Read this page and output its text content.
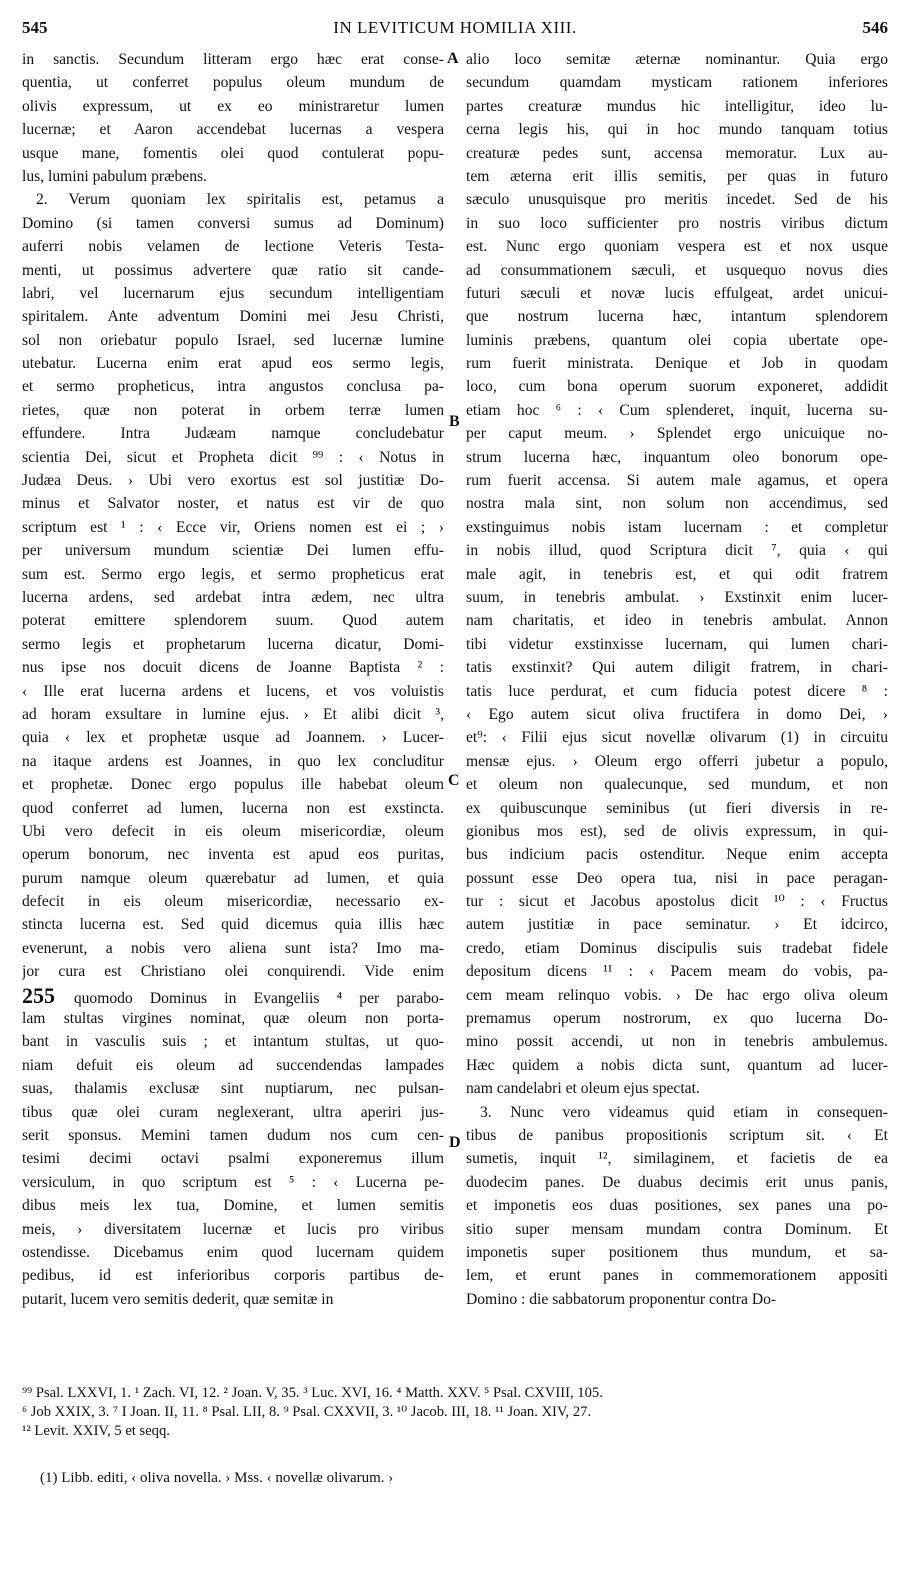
545	IN LEVITICUM HOMILIA XIII.	546
in sanctis. Secundum litteram ergo hæc erat conse-
quentia, ut conferret populus oleum mundum de
olivis expressum, ut ex eo ministraretur lumen
lucernæ; et Aaron accendebat lucernas a vespera
usque mane, fomentis olei quod contulerat popu-
lus, lumini pabulum præbens.
2. Verum quoniam lex spiritalis est, petamus a
Domino (si tamen conversi sumus ad Dominum)
auferri nobis velamen de lectione Veteris Testa-
menti, ut possimus advertere quæ ratio sit cande-
labri, vel lucernarum ejus secundum intelligentiam
spiritalem. Ante adventum Domini mei Jesu Christi,
sol non oriebatur populo Israel, sed lucernæ lumine
utebatur. Lucerna enim erat apud eos sermo legis,
et sermo propheticus, intra angustos conclusa pa-
rietes, quæ non poterat in orbem terræ lumen
effundere. Intra Judæam namque concludebatur
scientia Dei, sicut et Propheta dicit ⁹⁹ : ‹ Notus in
Judæa Deus. › Ubi vero exortus est sol justitiæ Do-
minus et Salvator noster, et natus est vir de quo
scriptum est ¹ : ‹ Ecce vir, Oriens nomen est ei ; ›
per universum mundum scientiæ Dei lumen effu-
sum est. Sermo ergo legis, et sermo propheticus erat
lucerna ardens, sed ardebat intra ædem, nec ultra
poterat emittere splendorem suum. Quod autem
sermo legis et prophetarum lucerna dicatur, Domi-
nus ipse nos docuit dicens de Joanne Baptista ² :
‹ Ille erat lucerna ardens et lucens, et vos voluistis
ad horam exsultare in lumine ejus. › Et alibi dicit ³,
quia ‹ lex et prophetæ usque ad Joannem. › Lucer-
na itaque ardens est Joannes, in quo lex concluditur
et prophetæ. Donec ergo populus ille habebat oleum
quod conferret ad lumen, lucerna non est exstincta.
Ubi vero defecit in eis oleum misericordiæ, oleum
operum bonorum, nec inventa est apud eos puritas,
purum namque oleum quærebatur ad lumen, et quia
defecit in eis oleum misericordiæ, necessario ex-
stincta lucerna est. Sed quid dicemus quia illis hæc
evenerunt, a nobis vero aliena sunt ista? Imo ma-
jor cura est Christiano olei conquirendi. Vide enim
255 quomodo Dominus in Evangeliis ⁴ per parabo-
lam stultas virgines nominat, quæ oleum non porta-
bant in vasculis suis ; et intantum stultas, ut quo-
niam defuit eis oleum ad succendendas lampades
suas, thalamis exclusæ sint nuptiarum, nec pulsan-
tibus quæ olei curam neglexerant, ultra aperiri jus-
serit sponsus. Memini tamen dudum nos cum cen-
tesimi decimi octavi psalmi exponeremus illum
versiculum, in quo scriptum est ⁵ : ‹ Lucerna pe-
dibus meis lex tua, Domine, et lumen semitis
meis, › diversitatem lucernæ et lucis pro viribus
ostendisse. Dicebamus enim quod lucernam quidem
pedibus, id est inferioribus corporis partibus de-
putarit, lucem vero semitis dederit, quæ semitæ in
alio loco semitæ æternæ nominantur. Quia ergo
secundum quamdam mysticam rationem inferiores
partes creaturæ mundus hic intelligitur, ideo lu-
cerna legis his, qui in hoc mundo tanquam totius
creaturæ pedes sunt, accensa memoratur. Lux au-
tem æterna erit illis semitis, per quas in futuro
sæculo unusquisque pro meritis incedet. Sed de his
in suo loco sufficienter pro nostris viribus dictum
est. Nunc ergo quoniam vespera est et nox usque
ad consummationem sæculi, et usquequo novus dies
futuri sæculi et novæ lucis effulgeat, ardet unicui-
que nostrum lucerna hæc, intantum splendorem
luminis præbens, quantum olei copia ubertate ope-
rum fuerit ministrata. Denique et Job in quodam
loco, cum bona operum suorum exponeret, addidit
etiam hoc ⁶ : ‹ Cum splenderet, inquit, lucerna su-
per caput meum. › Splendet ergo unicuique no-
strum lucerna hæc, inquantum oleo bonorum ope-
rum fuerit accensa. Si autem male agamus, et opera
nostra mala sint, non solum non accendimus, sed
exstinguimus nobis istam lucernam : et completur
in nobis illud, quod Scriptura dicit ⁷, quia ‹ qui
male agit, in tenebris est, et qui odit fratrem
suum, in tenebris ambulat. › Exstinxit enim lucer-
nam charitatis, et ideo in tenebris ambulat. Annon
tibi videtur exstinxisse lucernam, qui lumen chari-
tatis exstinxit? Qui autem diligit fratrem, in chari-
tatis luce perdurat, et cum fiducia potest dicere ⁸ :
‹ Ego autem sicut oliva fructifera in domo Dei, ›
et⁹: ‹ Filii ejus sicut novellæ olivarum (1) in circuitu
mensæ ejus. › Oleum ergo offerri jubetur a populo,
et oleum non qualecunque, sed mundum, et non
ex quibuscunque seminibus (ut fieri diversis in re-
gionibus mos est), sed de olivis expressum, in qui-
bus indicium pacis ostenditur. Neque enim accepta
possunt esse Deo opera tua, nisi in pace peragan-
tur : sicut et Jacobus apostolus dicit ¹⁰ : ‹ Fructus
autem justitiæ in pace seminatur. › Et idcirco,
credo, etiam Dominus discipulis suis tradebat fidele
depositum dicens ¹¹ : ‹ Pacem meam do vobis, pa-
cem meam relinquo vobis. › De hac ergo oliva oleum
premamus operum nostrorum, ex quo lucerna Do-
mino possit accendi, ut non in tenebris ambulemus.
Hæc quidem a nobis dicta sunt, quantum ad lucer-
nam candelabri et oleum ejus spectat.
3. Nunc vero videamus quid etiam in consequen-
tibus de panibus propositionis scriptum sit. ‹ Et
sumetis, inquit ¹², similaginem, et facietis de ea
duodecim panes. De duabus decimis erit unus panis,
et imponetis eos duas positiones, sex panes una po-
sitio super mensam mundam contra Dominum. Et
imponetis super positionem thus mundum, et sa-
lem, et erunt panes in commemorationem appositi
Domino : die sabbatorum proponentur contra Do-
A
B
C
D
⁹⁹ Psal. LXXVI, 1. ¹ Zach. VI, 12. ² Joan. V, 35. ³ Luc. XVI, 16. ⁴ Matth. XXV. ⁵ Psal. CXVIII, 105.
⁶ Job XXIX, 3. ⁷ I Joan. II, 11. ⁸ Psal. LII, 8. ⁹ Psal. CXXVII, 3. ¹⁰ Jacob. III, 18. ¹¹ Joan. XIV, 27.
¹² Levit. XXIV, 5 et seqq.
(1) Libb. editi, ‹ oliva novella. › Mss. ‹ novellæ olivarum. ›
